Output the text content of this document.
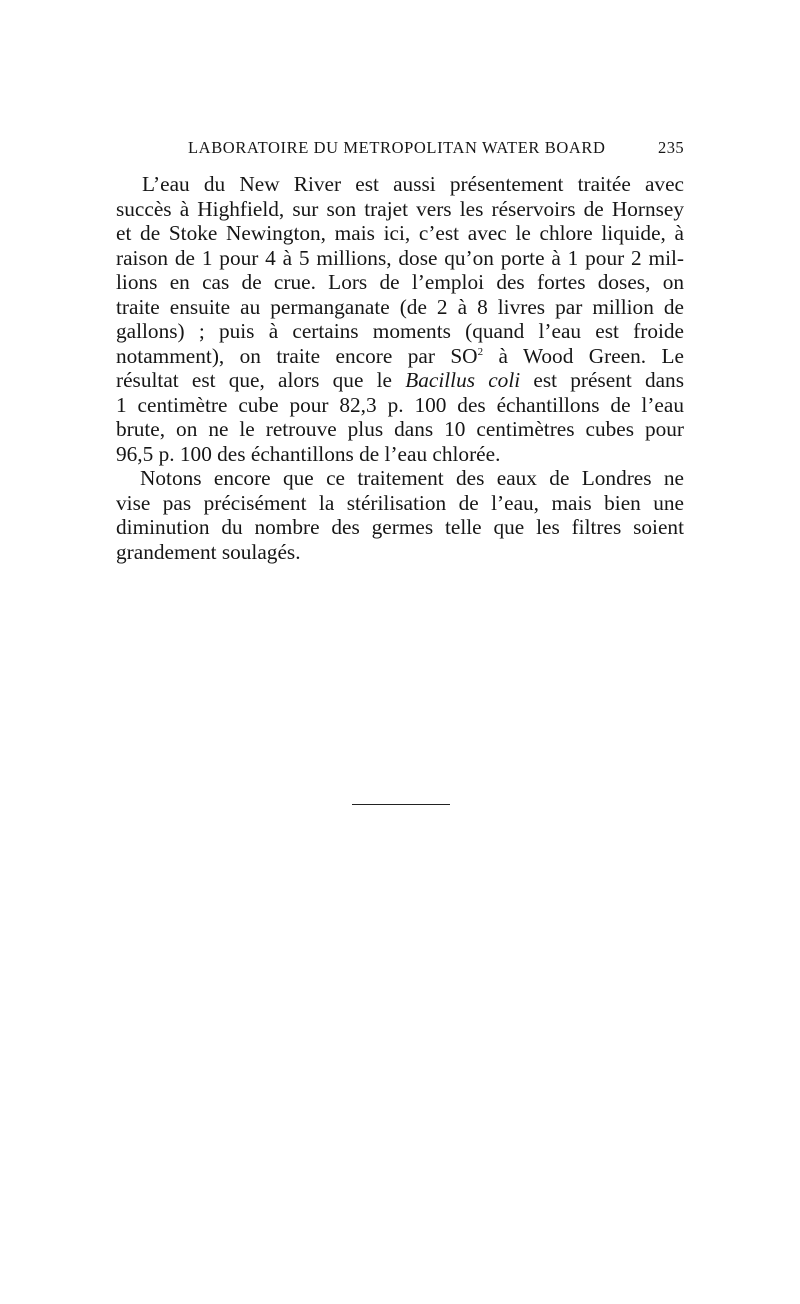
LABORATOIRE DU METROPOLITAN WATER BOARD	235
L’eau du New River est aussi présentement traitée avec
succès à Highfield, sur son trajet vers les réservoirs de Hornsey
et de Stoke Newington, mais ici, c’est avec le chlore liquide, à
raison de 1 pour 4 à 5 millions, dose qu’on porte à 1 pour 2 mil-
lions en cas de crue. Lors de l’emploi des fortes doses, on
traite ensuite au permanganate (de 2 à 8 livres par million de
gallons) ; puis à certains moments (quand l’eau est froide
notamment), on traite encore par $SO^2$ à Wood Green. Le
résultat est que, alors que le Bacillus coli est présent dans
1 centimètre cube pour 82,3 p. 100 des échantillons de l’eau
brute, on ne le retrouve plus dans 10 centimètres cubes pour
96,5 p. 100 des échantillons de l’eau chlorée.
Notons encore que ce traitement des eaux de Londres ne
vise pas précisément la stérilisation de l’eau, mais bien une
diminution du nombre des germes telle que les filtres soient
grandement soulagés.
